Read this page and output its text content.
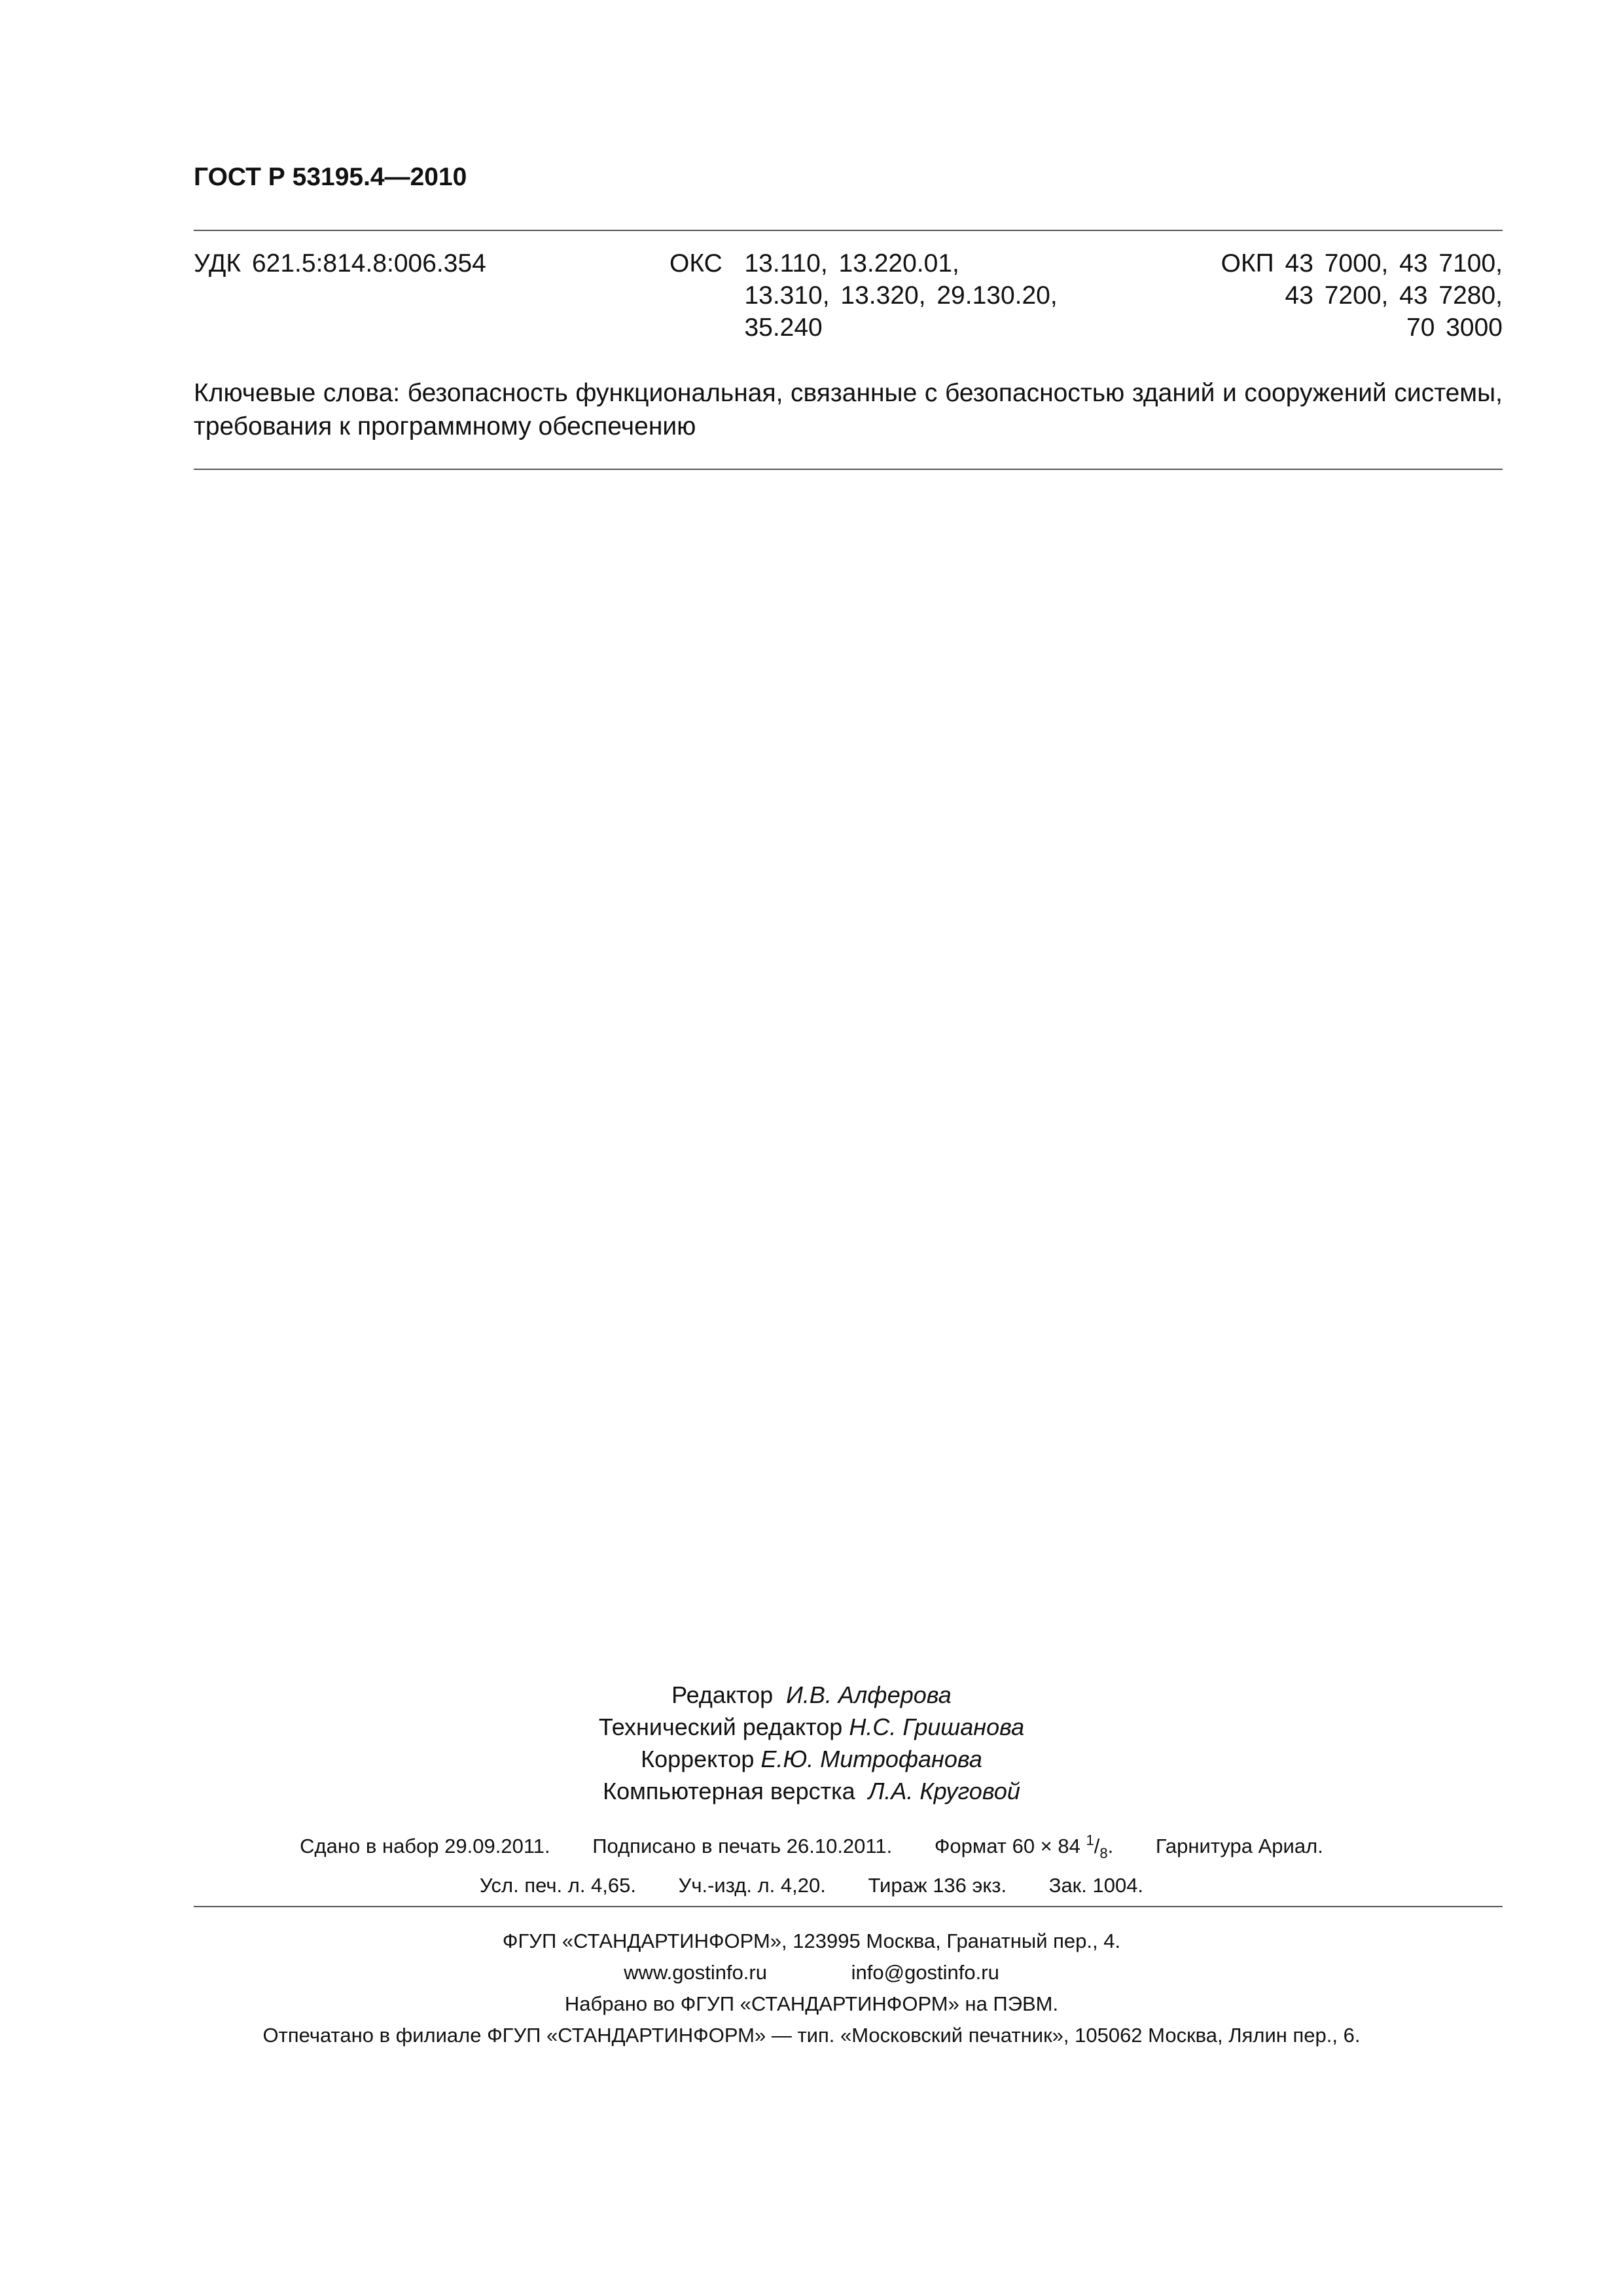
ГОСТ Р 53195.4—2010
УДК 621.5:814.8:006.354	ОКС 13.110, 13.220.01,
13.310, 13.320, 29.130.20,
35.240
ОКП 43 7000, 43 7100,
43 7200, 43 7280,
70 3000
Ключевые слова: безопасность функциональная, связанные с безопасностью зданий и сооружений системы, требования к программному обеспечению
Редактор И.В. Алферова
Технический редактор Н.С. Гришанова
Корректор Е.Ю. Митрофанова
Компьютерная верстка Л.А. Круговой
Сдано в набор 29.09.2011. Подписано в печать 26.10.2011. Формат 60 × 84 $^1/_8$. Гарнитура Ариал.
Усл. печ. л. 4,65. Уч.-изд. л. 4,20. Тираж 136 экз. Зак. 1004.
ФГУП «СТАНДАРТИНФОРМ», 123995 Москва, Гранатный пер., 4.
www.gostinfo.ru	info@gostinfo.ru
Набрано во ФГУП «СТАНДАРТИНФОРМ» на ПЭВМ.
Отпечатано в филиале ФГУП «СТАНДАРТИНФОРМ» — тип. «Московский печатник», 105062 Москва, Лялин пер., 6.
